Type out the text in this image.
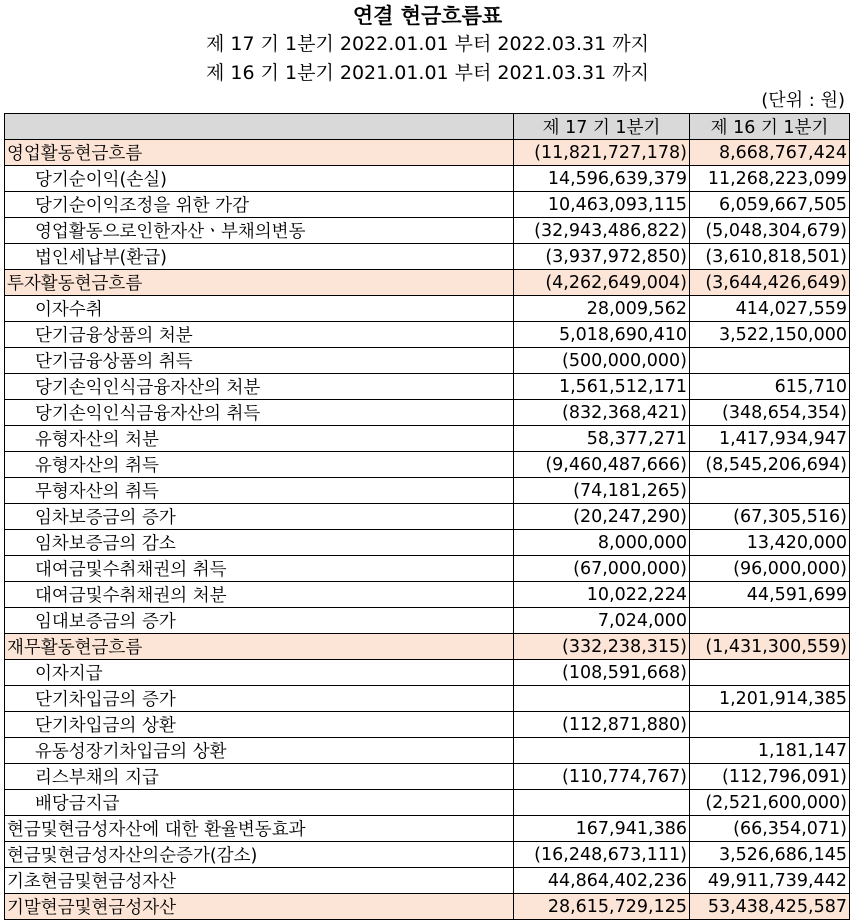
연결 현금흐름표
제 17 기 1분기 2022.01.01 부터 2022.03.31 까지
제 16 기 1분기 2021.01.01 부터 2021.03.31 까지
(단위 : 원)
	제 17 기 1분기	제 16 기 1분기
영업활동현금흐름	(11,821,727,178)	8,668,767,424
당기순이익(손실)	14,596,639,379	11,268,223,099
당기순이익조정을 위한 가감	10,463,093,115	6,059,667,505
영업활동으로인한자산ㆍ부채의변동	(32,943,486,822)	(5,048,304,679)
법인세납부(환급)	(3,937,972,850)	(3,610,818,501)
투자활동현금흐름	(4,262,649,004)	(3,644,426,649)
이자수취	28,009,562	414,027,559
단기금융상품의 처분	5,018,690,410	3,522,150,000
단기금융상품의 취득	(500,000,000)	
당기손익인식금융자산의 처분	1,561,512,171	615,710
당기손익인식금융자산의 취득	(832,368,421)	(348,654,354)
유형자산의 처분	58,377,271	1,417,934,947
유형자산의 취득	(9,460,487,666)	(8,545,206,694)
무형자산의 취득	(74,181,265)	
임차보증금의 증가	(20,247,290)	(67,305,516)
임차보증금의 감소	8,000,000	13,420,000
대여금및수취채권의 취득	(67,000,000)	(96,000,000)
대여금및수취채권의 처분	10,022,224	44,591,699
임대보증금의 증가	7,024,000	
재무활동현금흐름	(332,238,315)	(1,431,300,559)
이자지급	(108,591,668)	
단기차입금의 증가		1,201,914,385
단기차입금의 상환	(112,871,880)	
유동성장기차입금의 상환		1,181,147
리스부채의 지급	(110,774,767)	(112,796,091)
배당금지급		(2,521,600,000)
현금및현금성자산에 대한 환율변동효과	167,941,386	(66,354,071)
현금및현금성자산의순증가(감소)	(16,248,673,111)	3,526,686,145
기초현금및현금성자산	44,864,402,236	49,911,739,442
기말현금및현금성자산	28,615,729,125	53,438,425,587
